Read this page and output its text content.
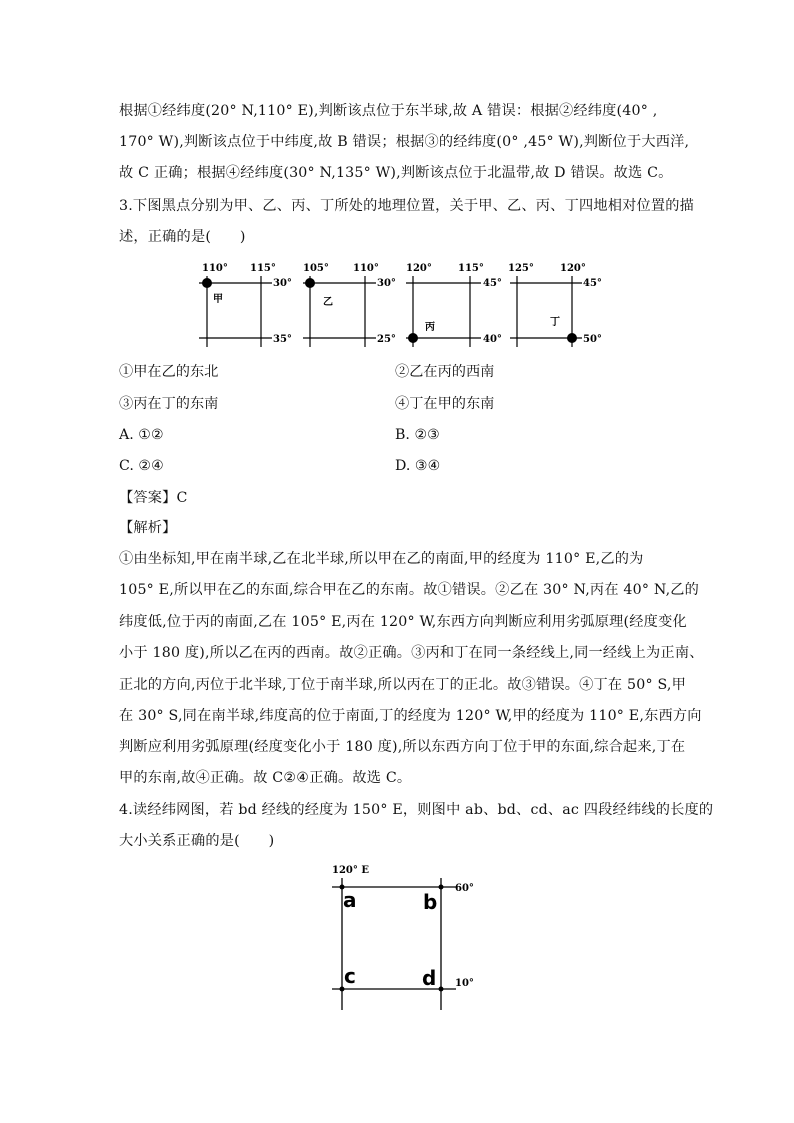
根据①经纬度(20° N,110° E),判断该点位于东半球,故 A 错误：根据②经纬度(40° ,
170° W),判断该点位于中纬度,故 B 错误；根据③的经纬度(0° ,45° W),判断位于大西洋,
故 C 正确；根据④经纬度(30° N,135° W),判断该点位于北温带,故 D 错误。故选 C。
3.下图黑点分别为甲、乙、丙、丁所处的地理位置，关于甲、乙、丙、丁四地相对位置的描
述，正确的是(　　)
110° 115°
30°
35°
甲
105° 110°
30°
25°
乙
120°	115°
45°
40°
丙
125°	120°
45°
50°
丁
①甲在乙的东北	②乙在丙的西南
③丙在丁的东南	④丁在甲的东南
A. ①②	B. ②③
C. ②④	D. ③④
【答案】C
【解析】
①由坐标知,甲在南半球,乙在北半球,所以甲在乙的南面,甲的经度为 110° E,乙的为
105° E,所以甲在乙的东面,综合甲在乙的东南。故①错误。②乙在 30° N,丙在 40° N,乙的
纬度低,位于丙的南面,乙在 105° E,丙在 120° W,东西方向判断应利用劣弧原理(经度变化
小于 180 度),所以乙在丙的西南。故②正确。③丙和丁在同一条经线上,同一经线上为正南、
正北的方向,丙位于北半球,丁位于南半球,所以丙在丁的正北。故③错误。④丁在 50° S,甲
在 30° S,同在南半球,纬度高的位于南面,丁的经度为 120° W,甲的经度为 110° E,东西方向
判断应利用劣弧原理(经度变化小于 180 度),所以东西方向丁位于甲的东面,综合起来,丁在
甲的东南,故④正确。故 C②④正确。故选 C。
4.读经纬网图，若 bd 经线的经度为 150° E，则图中 ab、bd、cd、ac 四段经纬线的长度的
大小关系正确的是(　　)
120° E
60°
10°
a	b
c	d
